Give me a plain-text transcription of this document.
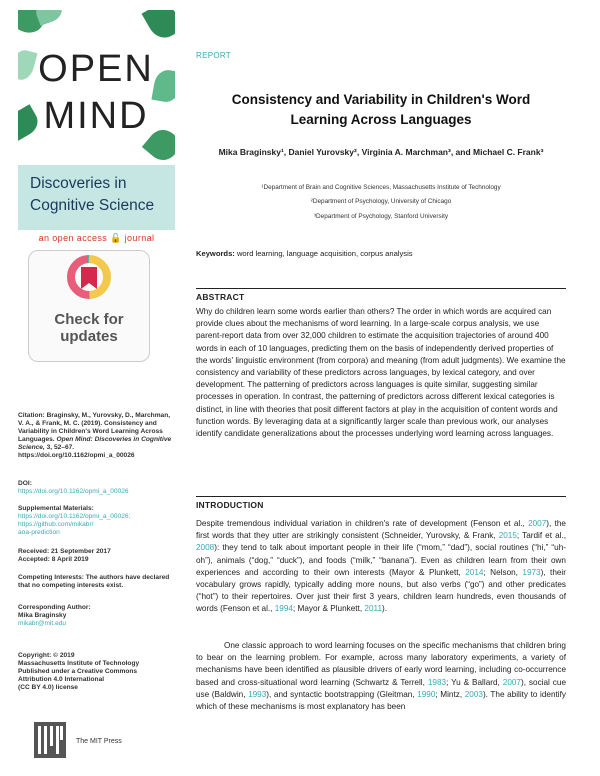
OPEN
MIND
Discoveries in
Cognitive Science
an open access 🔓 journal
Check for
updates
Citation: Braginsky, M., Yurovsky, D., Marchman, V. A., & Frank, M. C. (2019). Consistency and Variability in Children's Word Learning Across Languages. Open Mind: Discoveries in Cognitive Science, 3, 52–67. https://doi.org/10.1162/opmi_a_00026
DOI:
https://doi.org/10.1162/opmi_a_00026
Supplemental Materials:
https://doi.org/10.1162/opmi_a_00026;
https://github.com/mikabr/
aoa-prediction
Received: 21 September 2017
Accepted: 8 April 2019
Competing Interests: The authors have declared that no competing interests exist.
Corresponding Author:
Mika Braginsky
mikabr@mit.edu
Copyright: © 2019
Massachusetts Institute of Technology
Published under a Creative Commons
Attribution 4.0 International
(CC BY 4.0) license
The MIT Press
REPORT
Consistency and Variability in Children's Word
Learning Across Languages
Mika Braginsky¹, Daniel Yurovsky², Virginia A. Marchman³, and Michael C. Frank³
¹Department of Brain and Cognitive Sciences, Massachusetts Institute of Technology
²Department of Psychology, University of Chicago
³Department of Psychology, Stanford University
Keywords: word learning, language acquisition, corpus analysis
ABSTRACT
Why do children learn some words earlier than others? The order in which words are acquired can provide clues about the mechanisms of word learning. In a large-scale corpus analysis, we use parent-report data from over 32,000 children to estimate the acquisition trajectories of around 400 words in each of 10 languages, predicting them on the basis of independently derived properties of the words' linguistic environment (from corpora) and meaning (from adult judgments). We examine the consistency and variability of these predictors across languages, by lexical category, and over development. The patterning of predictors across languages is quite similar, suggesting similar processes in operation. In contrast, the patterning of predictors across different lexical categories is distinct, in line with theories that posit different factors at play in the acquisition of content words and function words. By leveraging data at a significantly larger scale than previous work, our analyses identify candidate generalizations about the processes underlying word learning across languages.
INTRODUCTION
Despite tremendous individual variation in children's rate of development (Fenson et al., 2007), the first words that they utter are strikingly consistent (Schneider, Yurovsky, & Frank, 2015; Tardif et al., 2008): they tend to talk about important people in their life (“mom,” “dad”), social routines (“hi,” “uh-oh”), animals (“dog,” “duck”), and foods (“milk,” “banana”). Even as children learn from their own experiences and according to their own interests (Mayor & Plunkett, 2014; Nelson, 1973), their vocabulary grows rapidly, typically adding more nouns, but also verbs (“go”) and other predicates (“hot”) to their repertoires. Over just their first 3 years, children learn hundreds, even thousands of words (Fenson et al., 1994; Mayor & Plunkett, 2011).
One classic approach to word learning focuses on the specific mechanisms that children bring to bear on the learning problem. For example, across many laboratory experiments, a variety of mechanisms have been identified as plausible drivers of early word learning, including co-occurrence based and cross-situational word learning (Schwartz & Terrell, 1983; Yu & Ballard, 2007), social cue use (Baldwin, 1993), and syntactic bootstrapping (Gleitman, 1990; Mintz, 2003). The ability to identify which of these mechanisms is most explanatory has been
